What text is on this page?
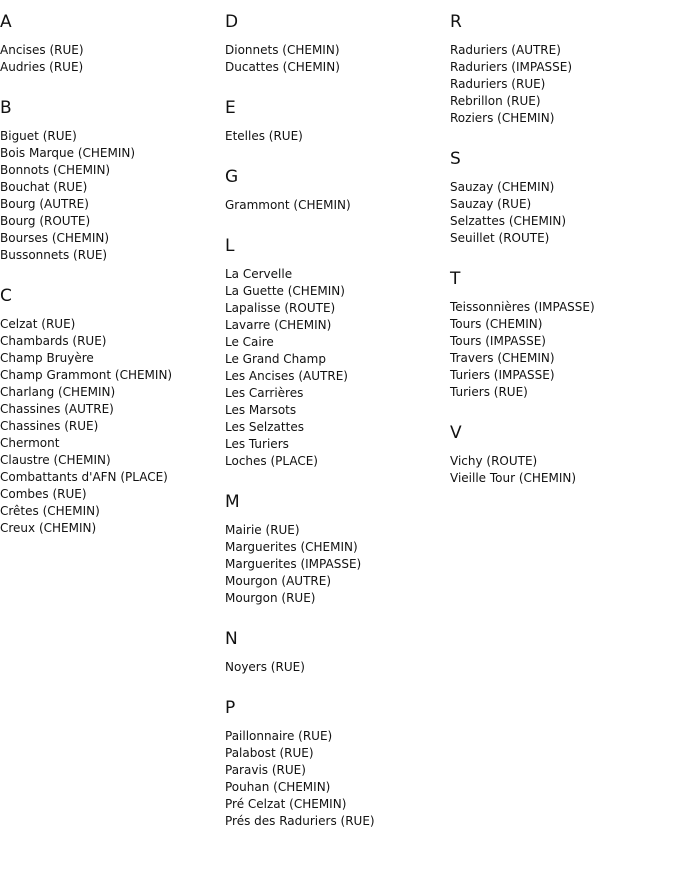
A
Ancises (RUE)
Audries (RUE)
B
Biguet (RUE)
Bois Marque (CHEMIN)
Bonnots (CHEMIN)
Bouchat (RUE)
Bourg (AUTRE)
Bourg (ROUTE)
Bourses (CHEMIN)
Bussonnets (RUE)
C
Celzat (RUE)
Chambards (RUE)
Champ Bruyère
Champ Grammont (CHEMIN)
Charlang (CHEMIN)
Chassines (AUTRE)
Chassines (RUE)
Chermont
Claustre (CHEMIN)
Combattants d'AFN (PLACE)
Combes (RUE)
Crêtes (CHEMIN)
Creux (CHEMIN)
D
Dionnets (CHEMIN)
Ducattes (CHEMIN)
E
Etelles (RUE)
G
Grammont (CHEMIN)
L
La Cervelle
La Guette (CHEMIN)
Lapalisse (ROUTE)
Lavarre (CHEMIN)
Le Caire
Le Grand Champ
Les Ancises (AUTRE)
Les Carrières
Les Marsots
Les Selzattes
Les Turiers
Loches (PLACE)
M
Mairie (RUE)
Marguerites (CHEMIN)
Marguerites (IMPASSE)
Mourgon (AUTRE)
Mourgon (RUE)
N
Noyers (RUE)
P
Paillonnaire (RUE)
Palabost (RUE)
Paravis (RUE)
Pouhan (CHEMIN)
Pré Celzat (CHEMIN)
Prés des Raduriers (RUE)
R
Raduriers (AUTRE)
Raduriers (IMPASSE)
Raduriers (RUE)
Rebrillon (RUE)
Roziers (CHEMIN)
S
Sauzay (CHEMIN)
Sauzay (RUE)
Selzattes (CHEMIN)
Seuillet (ROUTE)
T
Teissonnières (IMPASSE)
Tours (CHEMIN)
Tours (IMPASSE)
Travers (CHEMIN)
Turiers (IMPASSE)
Turiers (RUE)
V
Vichy (ROUTE)
Vieille Tour (CHEMIN)
